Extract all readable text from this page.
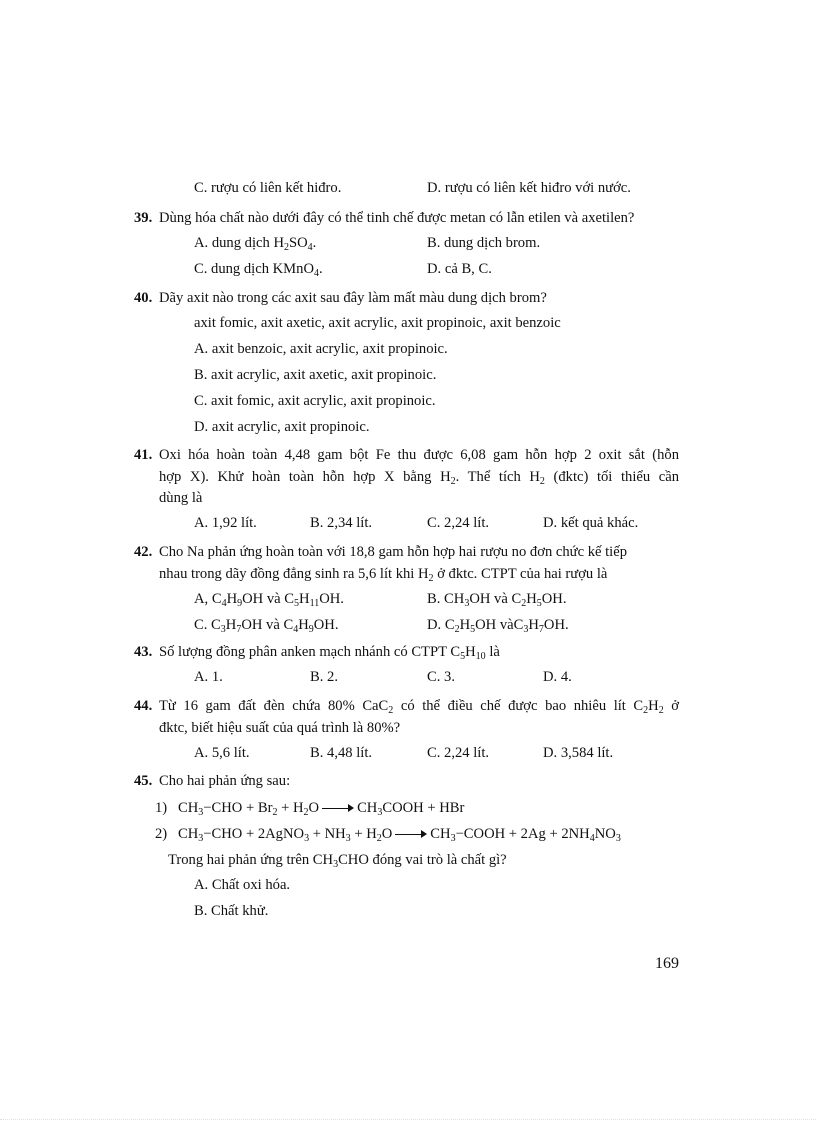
C. rượu có liên kết hiđro.	D. rượu có liên kết hiđro với nước.
39. Dùng hóa chất nào dưới đây có thể tinh chế được metan có lẫn etilen và axetilen?
A. dung dịch $H_2SO_4$.	B. dung dịch brom.
C. dung dịch KMnO$_4$.	D. cả B, C.
40. Dãy axit nào trong các axit sau đây làm mất màu dung dịch brom?
axit fomic, axit axetic, axit acrylic, axit propinoic, axit benzoic
A. axit benzoic, axit acrylic, axit propinoic.
B. axit acrylic, axit axetic, axit propinoic.
C. axit fomic, axit acrylic, axit propinoic.
D. axit acrylic, axit propinoic.
41. Oxi hóa hoàn toàn 4,48 gam bột Fe thu được 6,08 gam hỗn hợp 2 oxit sắt (hỗn
hợp X). Khử hoàn toàn hỗn hợp X bằng $H_2$. Thể tích $H_2$ (đktc) tối thiểu cần
dùng là
A. 1,92 lít.	B. 2,34 lít.	C. 2,24 lít.	D. kết quả khác.
42. Cho Na phản ứng hoàn toàn với 18,8 gam hỗn hợp hai rượu no đơn chức kế tiếp
nhau trong dãy đồng đẳng sinh ra 5,6 lít khi $H_2$ ở đktc. CTPT của hai rượu là
A, $C_4H_9OH$ và $C_5H_{11}OH$.	B. $CH_3OH$ và $C_2H_5OH$.
C. $C_3H_7OH$ và $C_4H_9OH$.	D. $C_2H_5OH$ $vàC_3H_7OH$.
43. Số lượng đồng phân anken mạch nhánh có CTPT $C_5H_{10}$ là
A. 1.	B. 2.	C. 3.	D. 4.
44. Từ 16 gam đất đèn chứa 80% CaC$_2$ có thể điều chế được bao nhiêu lít $C_2H_2$ ở
đktc, biết hiệu suất của quá trình là 80%?
A. 5,6 lít.	B. 4,48 lít.	C. 2,24 lít.	D. 3,584 lít.
45. Cho hai phản ứng sau:
1) $CH_3-CHO + Br_2 + H_2O$	$CH_3COOH$ + HBr
2) $CH_3-CHO$ + 2AgNO$_3$ + $NH_3 + H_2O$	$CH_3-COOH + 2Ag + 2NH_4NO_3$
Trong hai phản ứng trên $CH_3CHO$ đóng vai trò là chất gì?
A. Chất oxi hóa.
B. Chất khử.
169
